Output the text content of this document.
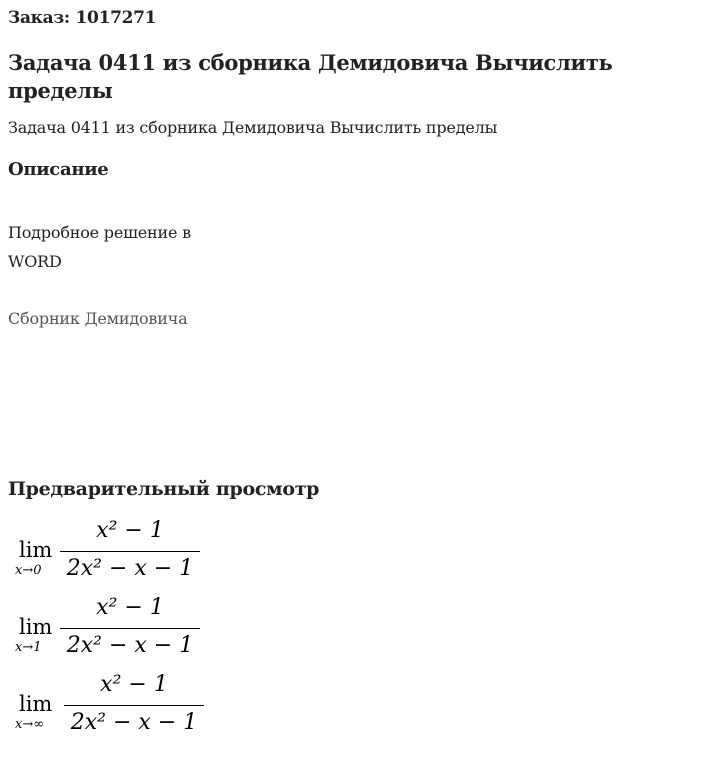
Заказ: 1017271
Задача 0411 из сборника Демидовича Вычислить пределы
Задача 0411 из сборника Демидовича Вычислить пределы
Описание
Подробное решение в
WORD
Сборник Демидовича
Предварительный просмотр
lim
x→0
x² − 1
2x² − x − 1
lim
x→1
x² − 1
2x² − x − 1
lim
x→∞
x² − 1
2x² − x − 1
